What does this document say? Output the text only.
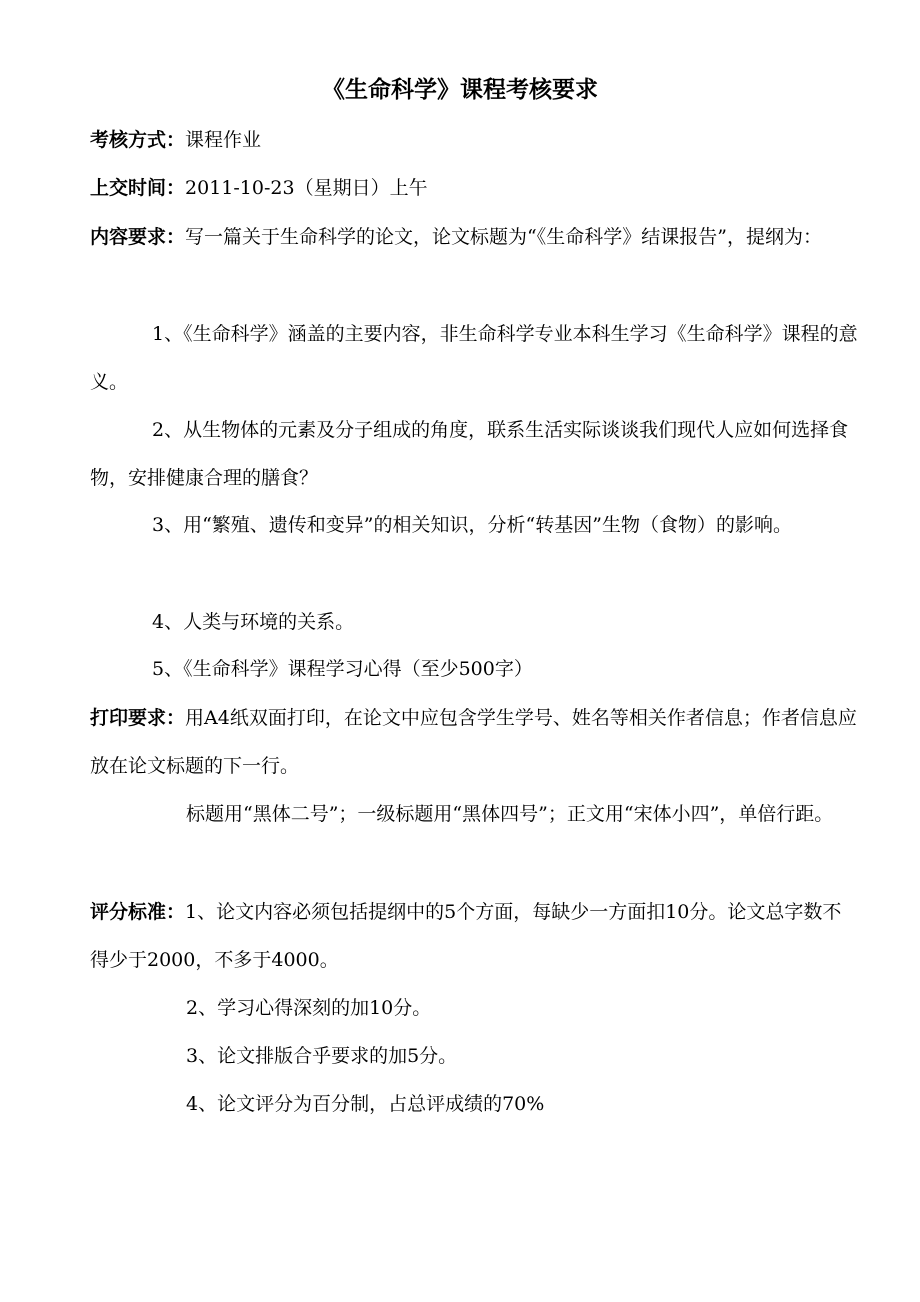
《生命科学》课程考核要求
考核方式：课程作业
上交时间：2011-10-23（星期日）上午
内容要求：写一篇关于生命科学的论文，论文标题为“《生命科学》结课报告”，提纲为：
1、《生命科学》涵盖的主要内容，非生命科学专业本科生学习《生命科学》课程的意义。
2、从生物体的元素及分子组成的角度，联系生活实际谈谈我们现代人应如何选择食物，安排健康合理的膳食？
3、用“繁殖、遗传和变异”的相关知识，分析“转基因”生物（食物）的影响。
4、人类与环境的关系。
5、《生命科学》课程学习心得（至少500字）
打印要求：用A4纸双面打印，在论文中应包含学生学号、姓名等相关作者信息；作者信息应放在论文标题的下一行。
标题用“黑体二号”；一级标题用“黑体四号”；正文用“宋体小四”，单倍行距。
评分标准：1、论文内容必须包括提纲中的5个方面，每缺少一方面扣10分。论文总字数不得少于2000，不多于4000。
2、学习心得深刻的加10分。
3、论文排版合乎要求的加5分。
4、论文评分为百分制，占总评成绩的70%
